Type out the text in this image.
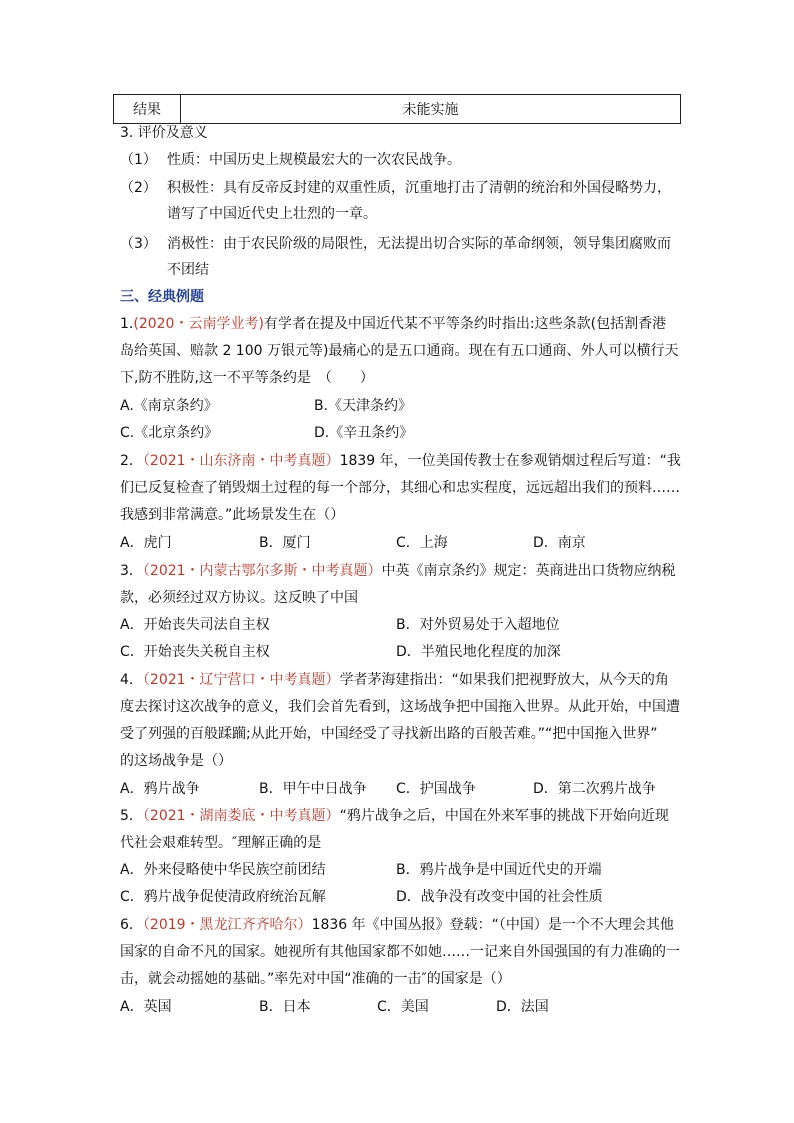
结果	未能实施
3. 评价及意义
（1） 性质：中国历史上规模最宏大的一次农民战争。
（2） 积极性：具有反帝反封建的双重性质，沉重地打击了清朝的统治和外国侵略势力，
谱写了中国近代史上壮烈的一章。
（3） 消极性：由于农民阶级的局限性，无法提出切合实际的革命纲领，领导集团腐败而
不团结
三、经典例题
1.(2020・云南学业考)有学者在提及中国近代某不平等条约时指出:这些条款(包括割香港
岛给英国、赔款 2 100 万银元等)最痛心的是五口通商。现在有五口通商、外人可以横行天
下,防不胜防,这一不平等条约是　（　　）
A.《南京条约》	B.《天津条约》
C.《北京条约》	D.《辛丑条约》
2．（2021・山东济南・中考真题）1839 年，一位美国传教士在参观销烟过程后写道：“我
们已反复检查了销毁烟土过程的每一个部分，其细心和忠实程度，远远超出我们的预料……
我感到非常满意。”此场景发生在（）
A．虎门	B．厦门	C．上海	D．南京
3．（2021・内蒙古鄂尔多斯・中考真题）中英《南京条约》规定：英商进出口货物应纳税
款，必须经过双方协议。这反映了中国
A．开始丧失司法自主权	B．对外贸易处于入超地位
C．开始丧失关税自主权	D．半殖民地化程度的加深
4．（2021・辽宁营口・中考真题）学者茅海建指出：“如果我们把视野放大，从今天的角
度去探讨这次战争的意义，我们会首先看到，这场战争把中国拖入世界。从此开始，中国遭
受了列强的百般蹂躏;从此开始，中国经受了寻找新出路的百般苦难。”“把中国拖入世界”
的这场战争是（）
A．鸦片战争	B．甲午中日战争 C．护国战争	D．第二次鸦片战争
5．（2021・湖南娄底・中考真题）“鸦片战争之后，中国在外来军事的挑战下开始向近现
代社会艰难转型。″理解正确的是
A．外来侵略使中华民族空前团结	B．鸦片战争是中国近代史的开端
C．鸦片战争促使清政府统治瓦解	D．战争没有改变中国的社会性质
6．（2019・黑龙江齐齐哈尔）1836 年《中国丛报》登载：“（中国）是一个不大理会其他
国家的自命不凡的国家。她视所有其他国家都不如她……一记来自外国强国的有力准确的一
击，就会动摇她的基础。”率先对中国“准确的一击″的国家是（）
A．英国	B．日本	C．美国	D．法国
